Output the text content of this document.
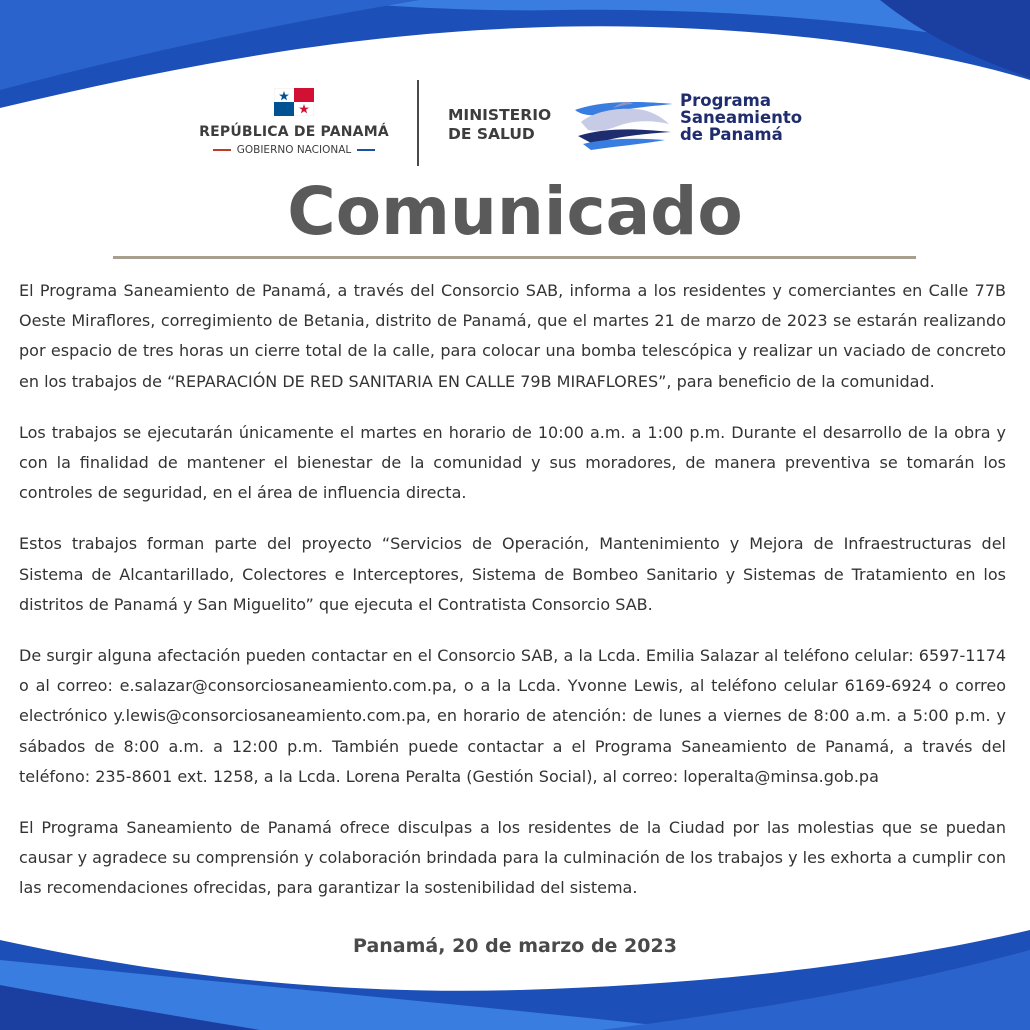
REPÚBLICA DE PANAMÁ
GOBIERNO NACIONAL
MINISTERIO
DE SALUD
Programa
Saneamiento
de Panamá
Comunicado

El Programa Saneamiento de Panamá, a través del Consorcio SAB, informa a los residentes y comerciantes en Calle 77B Oeste Miraflores, corregimiento de Betania, distrito de Panamá, que el martes 21 de marzo de 2023 se estarán realizando por espacio de tres horas un cierre total de la calle, para colocar una bomba telescópica y realizar un vaciado de concreto en los trabajos de “REPARACIÓN DE RED SANITARIA EN CALLE 79B MIRAFLORES”, para beneficio de la comunidad.

Los trabajos se ejecutarán únicamente el martes en horario de 10:00 a.m. a 1:00 p.m. Durante el desarrollo de la obra y con la finalidad de mantener el bienestar de la comunidad y sus moradores, de manera preventiva se tomarán los controles de seguridad, en el área de influencia directa.

Estos trabajos forman parte del proyecto “Servicios de Operación, Mantenimiento y Mejora de Infraestructuras del Sistema de Alcantarillado, Colectores e Interceptores, Sistema de Bombeo Sanitario y Sistemas de Tratamiento en los distritos de Panamá y San Miguelito” que ejecuta el Contratista Consorcio SAB.

De surgir alguna afectación pueden contactar en el Consorcio SAB, a la Lcda. Emilia Salazar al teléfono celular: 6597-1174 o al correo: e.salazar@consorciosaneamiento.com.pa, o a la Lcda. Yvonne Lewis, al teléfono celular 6169-6924 o correo electrónico y.lewis@consorciosaneamiento.com.pa, en horario de atención: de lunes a viernes de 8:00 a.m. a 5:00 p.m. y sábados de 8:00 a.m. a 12:00 p.m. También puede contactar a el Programa Saneamiento de Panamá, a través del teléfono: 235-8601 ext. 1258, a la Lcda. Lorena Peralta (Gestión Social), al correo: loperalta@minsa.gob.pa

El Programa Saneamiento de Panamá ofrece disculpas a los residentes de la Ciudad por las molestias que se puedan causar y agradece su comprensión y colaboración brindada para la culminación de los trabajos y les exhorta a cumplir con las recomendaciones ofrecidas, para garantizar la sostenibilidad del sistema.

Panamá, 20 de marzo de 2023
